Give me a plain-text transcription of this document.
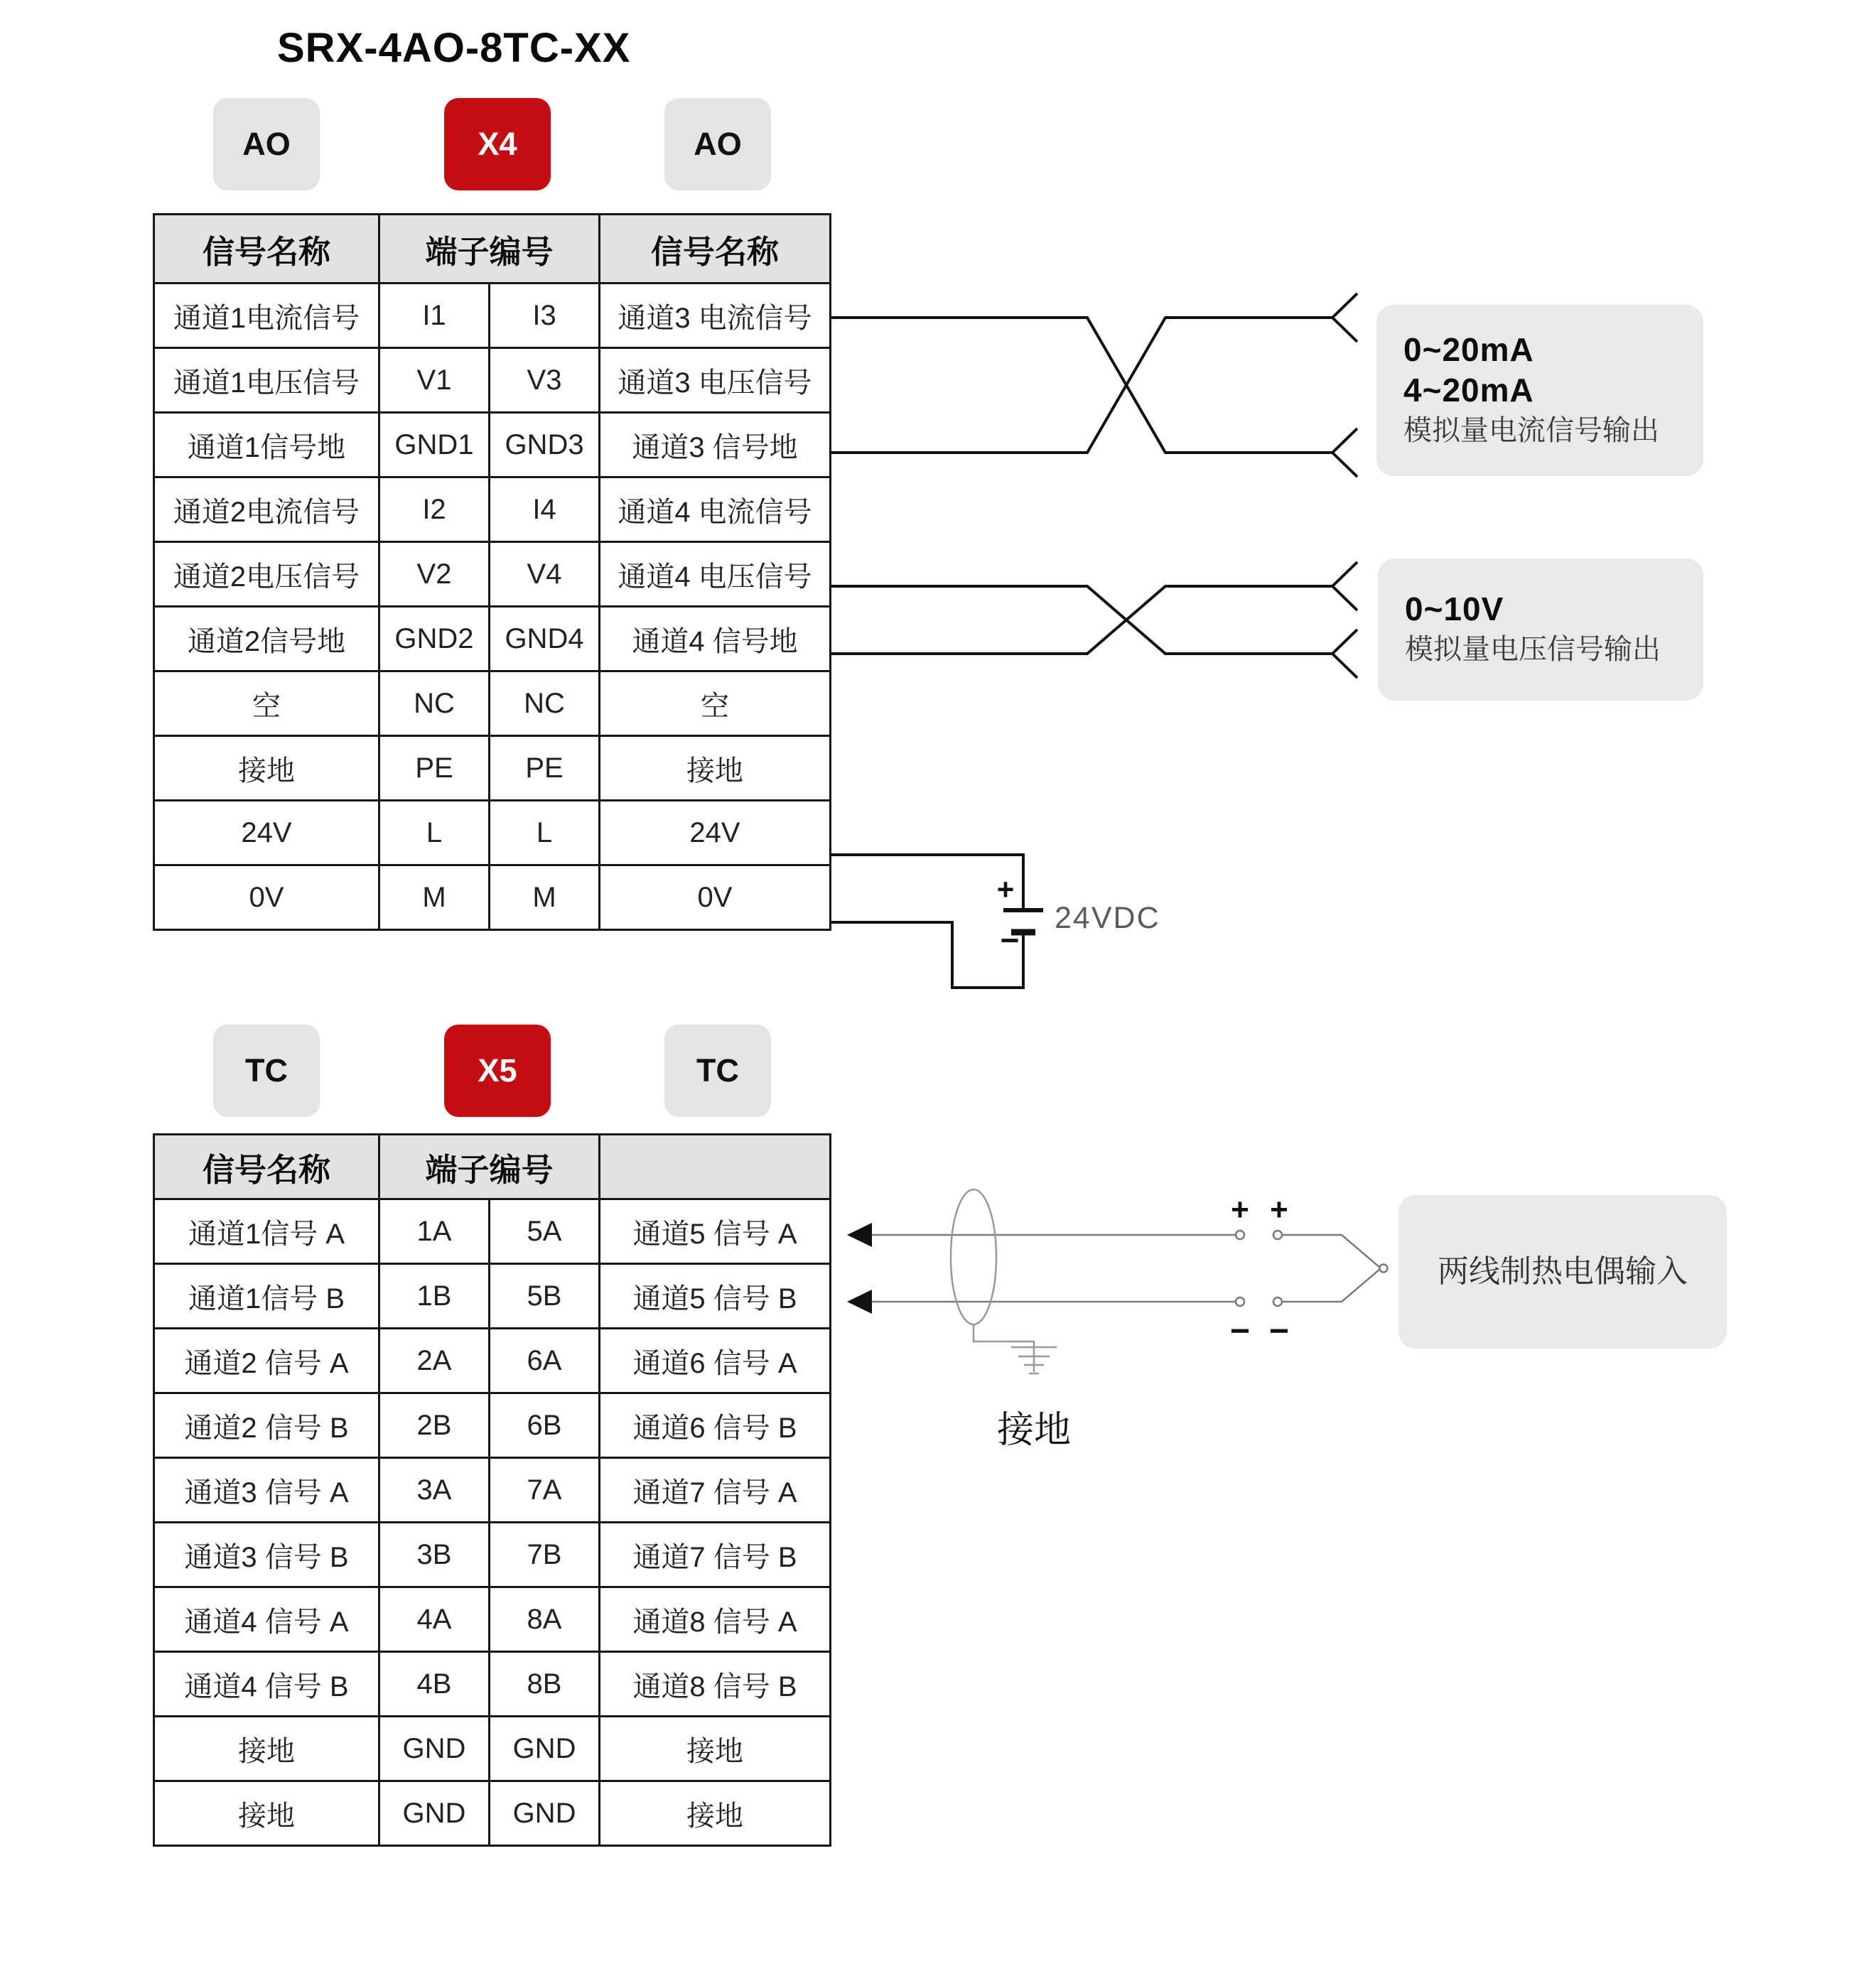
SRX-4AO-8TC-XX
AO	X4	AO
信号名称	端子编号		信号名称
通道1电流信号	I1	I3	通道3 电流信号
通道1电压信号	V1	V3	通道3 电压信号
通道1信号地	GND1	GND3	通道3 信号地
通道2电流信号	I2	I4	通道4 电流信号
通道2电压信号	V2	V4	通道4 电压信号
通道2信号地	GND2	GND4	通道4 信号地
空	NC	NC	空
接地	PE	PE	接地
24V	L	L	24V
0V	M	M	0V
0~20mA
4~20mA
模拟量电流信号输出
0~10V
模拟量电压信号输出
+
−
24VDC
TC	X5	TC
信号名称	端子编号		
通道1信号 A	1A	5A	通道5 信号 A
通道1信号 B	1B	5B	通道5 信号 B
通道2 信号 A	2A	6A	通道6 信号 A
通道2 信号 B	2B	6B	通道6 信号 B
通道3 信号 A	3A	7A	通道7 信号 A
通道3 信号 B	3B	7B	通道7 信号 B
通道4 信号 A	4A	8A	通道8 信号 A
通道4 信号 B	4B	8B	通道8 信号 B
接地	GND	GND	接地
接地	GND	GND	接地
+ +
− −
两线制热电偶输入
接地
